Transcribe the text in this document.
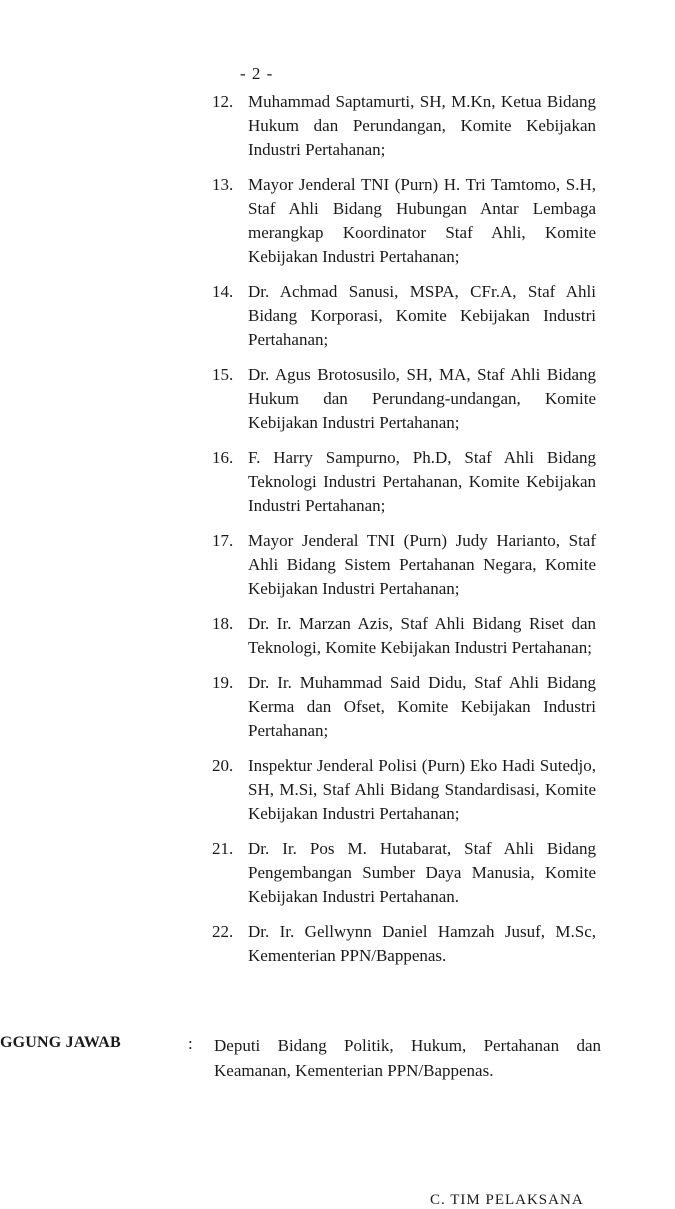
- 2 -
12. Muhammad Saptamurti, SH, M.Kn, Ketua Bidang Hukum dan Perundangan, Komite Kebijakan Industri Pertahanan;
13. Mayor Jenderal TNI (Purn) H. Tri Tamtomo, S.H, Staf Ahli Bidang Hubungan Antar Lembaga merangkap Koordinator Staf Ahli, Komite Kebijakan Industri Pertahanan;
14. Dr. Achmad Sanusi, MSPA, CFr.A, Staf Ahli Bidang Korporasi, Komite Kebijakan Industri Pertahanan;
15. Dr. Agus Brotosusilo, SH, MA, Staf Ahli Bidang Hukum dan Perundang-undangan, Komite Kebijakan Industri Pertahanan;
16. F. Harry Sampurno, Ph.D, Staf Ahli Bidang Teknologi Industri Pertahanan, Komite Kebijakan Industri Pertahanan;
17. Mayor Jenderal TNI (Purn) Judy Harianto, Staf Ahli Bidang Sistem Pertahanan Negara, Komite Kebijakan Industri Pertahanan;
18. Dr. Ir. Marzan Azis, Staf Ahli Bidang Riset dan Teknologi, Komite Kebijakan Industri Pertahanan;
19. Dr. Ir. Muhammad Said Didu, Staf Ahli Bidang Kerma dan Ofset, Komite Kebijakan Industri Pertahanan;
20. Inspektur Jenderal Polisi (Purn) Eko Hadi Sutedjo, SH, M.Si, Staf Ahli Bidang Standardisasi, Komite Kebijakan Industri Pertahanan;
21. Dr. Ir. Pos M. Hutabarat, Staf Ahli Bidang Pengembangan Sumber Daya Manusia, Komite Kebijakan Industri Pertahanan.
22. Dr. Ir. Gellwynn Daniel Hamzah Jusuf, M.Sc, Kementerian PPN/Bappenas.
GGUNG JAWAB	: Deputi Bidang Politik, Hukum, Pertahanan dan Keamanan, Kementerian PPN/Bappenas.
C. TIM PELAKSANA
